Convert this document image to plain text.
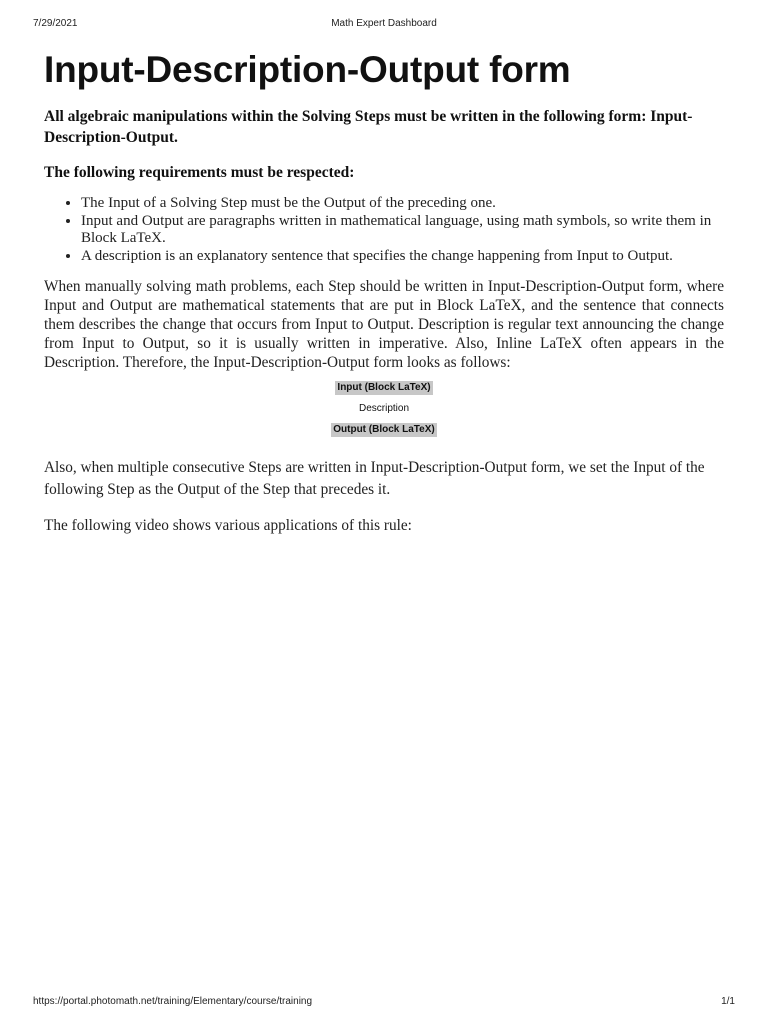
7/29/2021	Math Expert Dashboard
Input-Description-Output form

All algebraic manipulations within the Solving Steps must be written in the following form: Input-Description-Output.

The following requirements must be respected:

• The Input of a Solving Step must be the Output of the preceding one.
• Input and Output are paragraphs written in mathematical language, using math symbols, so write them in Block LaTeX.
• A description is an explanatory sentence that specifies the change happening from Input to Output.

When manually solving math problems, each Step should be written in Input-Description-Output form, where Input and Output are mathematical statements that are put in Block LaTeX, and the sentence that connects them describes the change that occurs from Input to Output. Description is regular text announcing the change from Input to Output, so it is usually written in imperative. Also, Inline LaTeX often appears in the Description. Therefore, the Input-Description-Output form looks as follows:

Input (Block LaTeX)
Description
Output (Block LaTeX)

Also, when multiple consecutive Steps are written in Input-Description-Output form, we set the Input of the following Step as the Output of the Step that precedes it.

The following video shows various applications of this rule:

https://portal.photomath.net/training/Elementary/course/training	1/1
